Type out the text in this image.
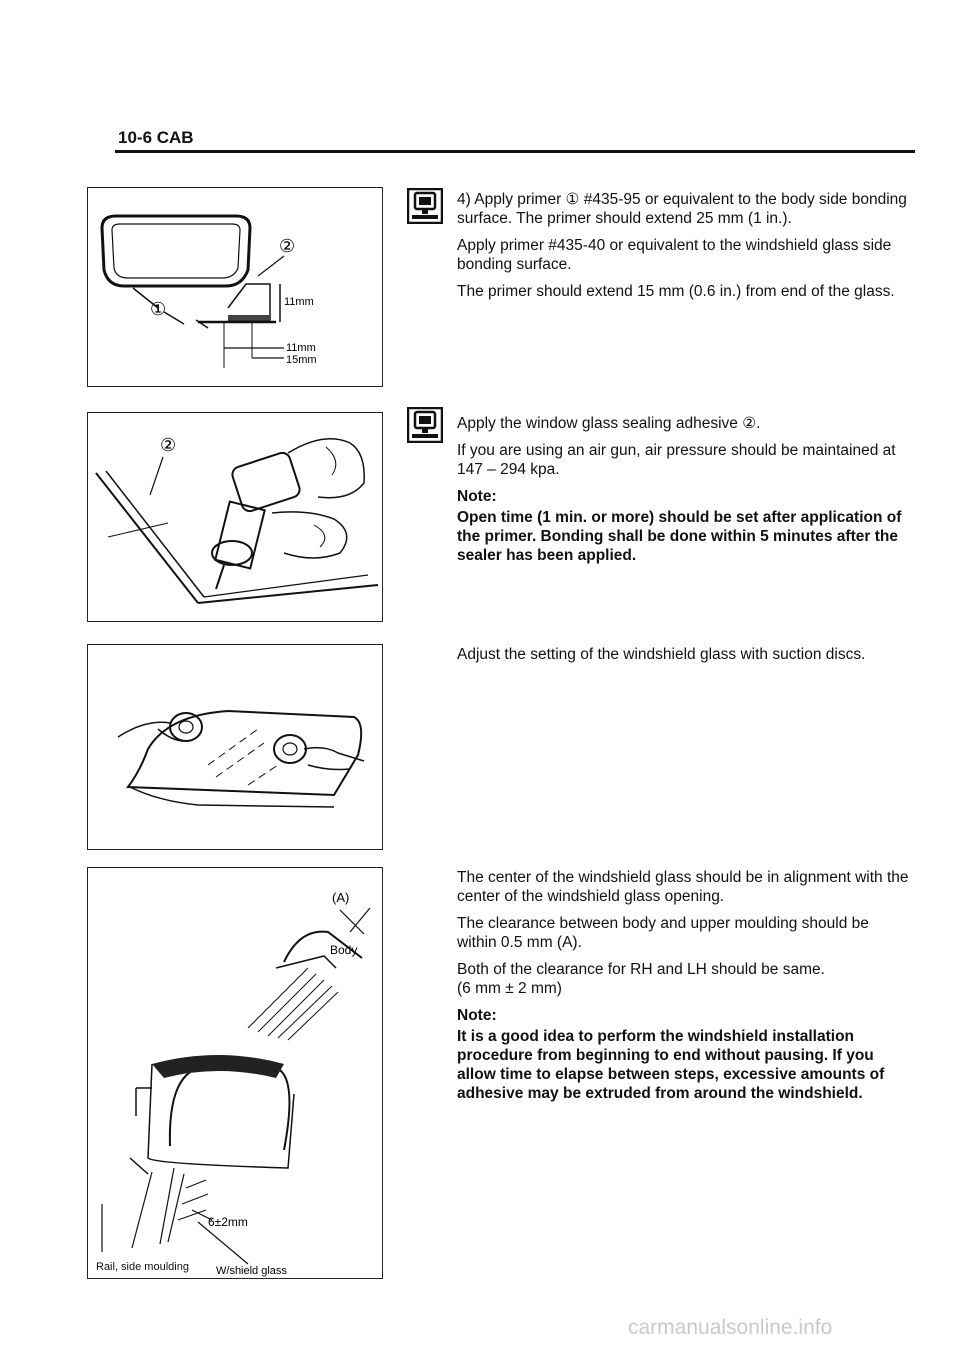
10-6 CAB
①
②
11mm
11mm
15mm
②
(A)
Body
6±2mm
W/shield glass
Rail, side moulding

4) Apply primer ① #435-95 or equivalent to the body side bonding surface. The primer should extend 25 mm (1 in.).

Apply primer #435-40 or equivalent to the windshield glass side bonding surface.

The primer should extend 15 mm (0.6 in.) from end of the glass.

Apply the window glass sealing adhesive ②.

If you are using an air gun, air pressure should be maintained at 147 – 294 kpa.

Note:

Open time (1 min. or more) should be set after application of the primer. Bonding shall be done within 5 minutes after the sealer has been applied.

Adjust the setting of the windshield glass with suction discs.

The center of the windshield glass should be in alignment with the center of the windshield glass opening.

The clearance between body and upper moulding should be within 0.5 mm (A).

Both of the clearance for RH and LH should be same.

(6 mm ± 2 mm)

Note:

It is a good idea to perform the windshield installation procedure from beginning to end without pausing. If you allow time to elapse between steps, excessive amounts of adhesive may be extruded from around the windshield.

carmanualsonline.info
